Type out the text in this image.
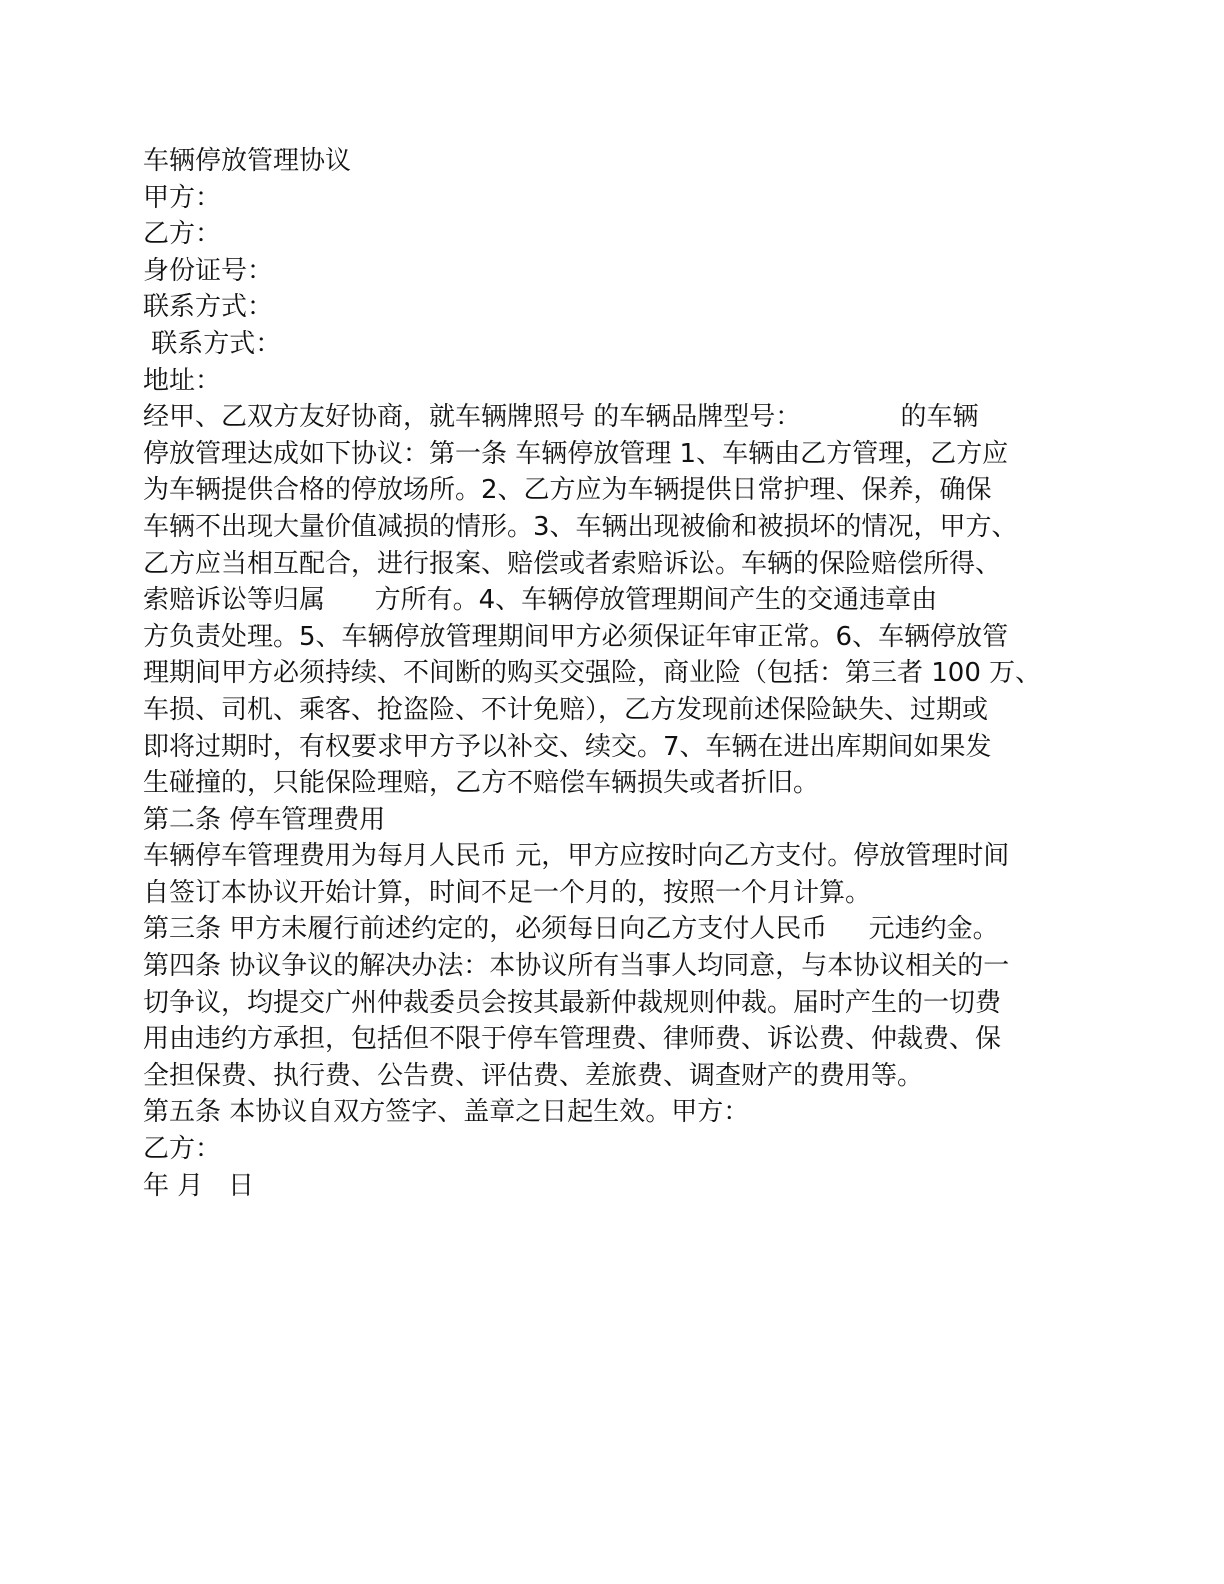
车辆停放管理协议
甲方：
乙方：
身份证号：
联系方式：
联系方式：
地址：
经甲、乙双方友好协商，就车辆牌照号 的车辆品牌型号：            的车辆
停放管理达成如下协议：第一条 车辆停放管理 1、车辆由乙方管理，乙方应
为车辆提供合格的停放场所。2、乙方应为车辆提供日常护理、保养，确保
车辆不出现大量价值减损的情形。3、车辆出现被偷和被损坏的情况，甲方、
乙方应当相互配合，进行报案、赔偿或者索赔诉讼。车辆的保险赔偿所得、
索赔诉讼等归属      方所有。4、车辆停放管理期间产生的交通违章由
方负责处理。5、车辆停放管理期间甲方必须保证年审正常。6、车辆停放管
理期间甲方必须持续、不间断的购买交强险，商业险（包括：第三者 100 万、
车损、司机、乘客、抢盗险、不计免赔），乙方发现前述保险缺失、过期或
即将过期时，有权要求甲方予以补交、续交。7、车辆在进出库期间如果发
生碰撞的，只能保险理赔，乙方不赔偿车辆损失或者折旧。
第二条 停车管理费用
车辆停车管理费用为每月人民币 元，甲方应按时向乙方支付。停放管理时间
自签订本协议开始计算，时间不足一个月的，按照一个月计算。
第三条 甲方未履行前述约定的，必须每日向乙方支付人民币     元违约金。
第四条 协议争议的解决办法：本协议所有当事人均同意，与本协议相关的一
切争议，均提交广州仲裁委员会按其最新仲裁规则仲裁。届时产生的一切费
用由违约方承担，包括但不限于停车管理费、律师费、诉讼费、仲裁费、保
全担保费、执行费、公告费、评估费、差旅费、调查财产的费用等。
第五条 本协议自双方签字、盖章之日起生效。甲方：
乙方：
年 月   日
